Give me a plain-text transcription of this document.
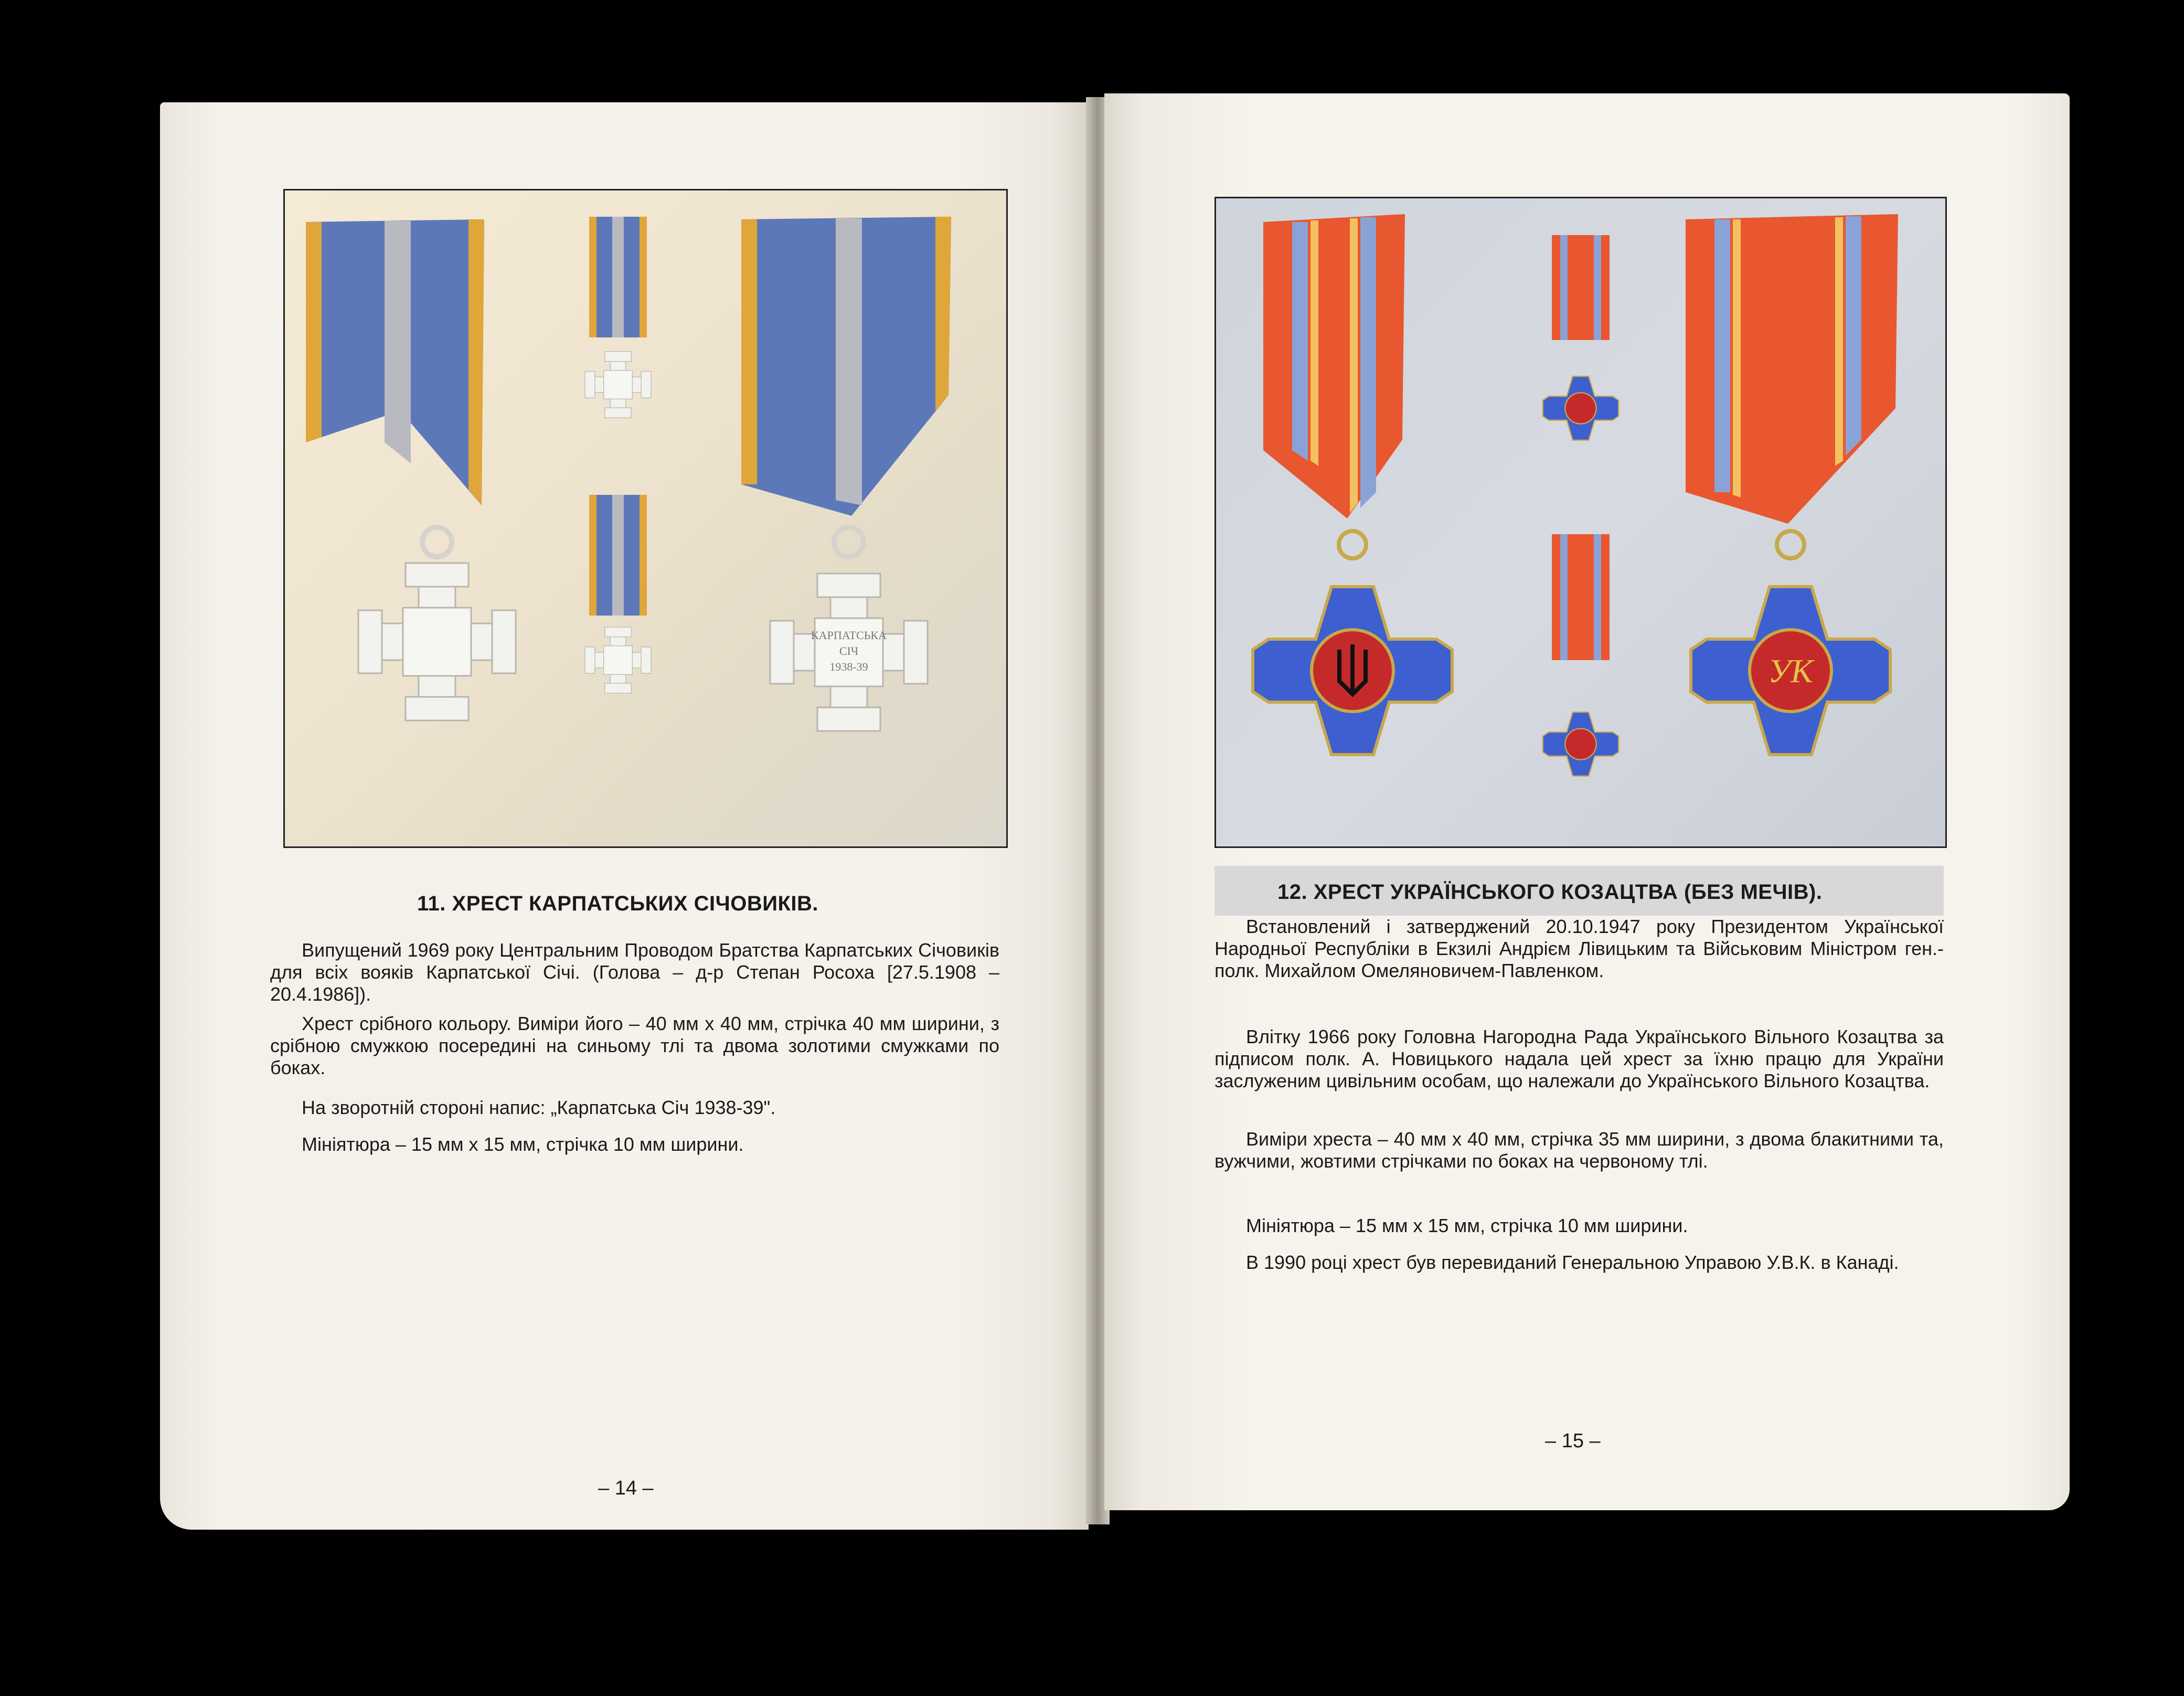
КАРПАТСЬКА
СІЧ
1938-39	УК
11. ХРЕСТ КАРПАТСЬКИХ СІЧОВИКІВ.

Випущений 1969 року Центральним Проводом Братства Карпатських Січовиків для всіх вояків Карпатської Січі. (Голова – д-р Степан Росоха [27.5.1908 – 20.4.1986]).

Хрест срібного кольору. Виміри його – 40 мм х 40 мм, стрічка 40 мм ширини, з срібною смужкою посередині на синьому тлі та двома золотими смужками по боках.

На зворотній стороні напис: „Карпатська Січ 1938-39".

Мініятюра – 15 мм х 15 мм, стрічка 10 мм ширини.

– 14 –
12. ХРЕСТ УКРАЇНСЬКОГО КОЗАЦТВА (БЕЗ МЕЧІВ).

Встановлений і затверджений 20.10.1947 року Президентом Української Народньої Республіки в Екзилі Андрієм Лівицьким та Військовим Міністром ген.-полк. Михайлом Омеляновичем-Павленком.

Влітку 1966 року Головна Нагородна Рада Українського Вільного Козацтва за підписом полк. А. Новицького надала цей хрест за їхню працю для України заслуженим цивільним особам, що належали до Українського Вільного Козацтва.

Виміри хреста – 40 мм х 40 мм, стрічка 35 мм ширини, з двома блакитними та, вужчими, жовтими стрічками по боках на червоному тлі.

Мініятюра – 15 мм х 15 мм, стрічка 10 мм ширини.

В 1990 році хрест був перевиданий Генеральною Управою У.В.К. в Канаді.

– 15 –
